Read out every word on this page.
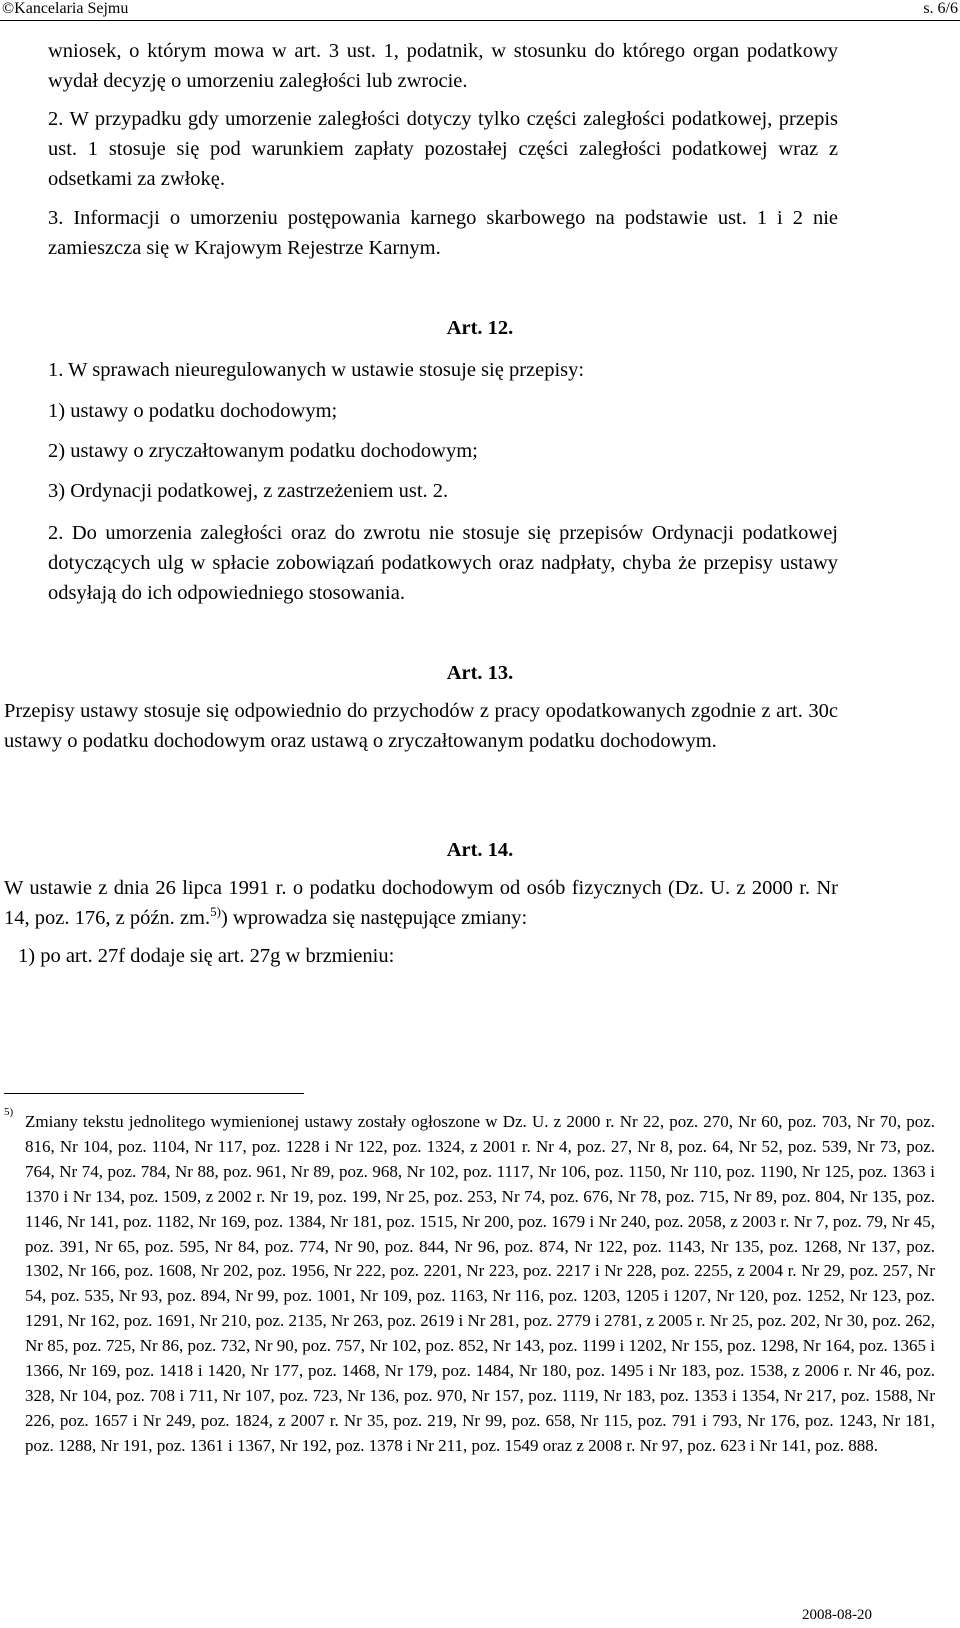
©Kancelaria Sejmu	s. 6/6
wniosek, o którym mowa w art. 3 ust. 1, podatnik, w stosunku do którego organ podatkowy wydał decyzję o umorzeniu zaległości lub zwrocie.
2. W przypadku gdy umorzenie zaległości dotyczy tylko części zaległości podatkowej, przepis ust. 1 stosuje się pod warunkiem zapłaty pozostałej części zaległości podatkowej wraz z odsetkami za zwłokę.
3. Informacji o umorzeniu postępowania karnego skarbowego na podstawie ust. 1 i 2 nie zamieszcza się w Krajowym Rejestrze Karnym.
Art. 12.
1. W sprawach nieuregulowanych w ustawie stosuje się przepisy:
1) ustawy o podatku dochodowym;
2) ustawy o zryczałtowanym podatku dochodowym;
3) Ordynacji podatkowej, z zastrzeżeniem ust. 2.
2. Do umorzenia zaległości oraz do zwrotu nie stosuje się przepisów Ordynacji podatkowej dotyczących ulg w spłacie zobowiązań podatkowych oraz nadpłaty, chyba że przepisy ustawy odsyłają do ich odpowiedniego stosowania.
Art. 13.
Przepisy ustawy stosuje się odpowiednio do przychodów z pracy opodatkowanych zgodnie z art. 30c ustawy o podatku dochodowym oraz ustawą o zryczałtowanym podatku dochodowym.
Art. 14.
W ustawie z dnia 26 lipca 1991 r. o podatku dochodowym od osób fizycznych (Dz. U. z 2000 r. Nr 14, poz. 176, z późn. zm.$^{5)}$) wprowadza się następujące zmiany:
1) po art. 27f dodaje się art. 27g w brzmieniu:
5) Zmiany tekstu jednolitego wymienionej ustawy zostały ogłoszone w Dz. U. z 2000 r. Nr 22, poz. 270, Nr 60, poz. 703, Nr 70, poz. 816, Nr 104, poz. 1104, Nr 117, poz. 1228 i Nr 122, poz. 1324, z 2001 r. Nr 4, poz. 27, Nr 8, poz. 64, Nr 52, poz. 539, Nr 73, poz. 764, Nr 74, poz. 784, Nr 88, poz. 961, Nr 89, poz. 968, Nr 102, poz. 1117, Nr 106, poz. 1150, Nr 110, poz. 1190, Nr 125, poz. 1363 i 1370 i Nr 134, poz. 1509, z 2002 r. Nr 19, poz. 199, Nr 25, poz. 253, Nr 74, poz. 676, Nr 78, poz. 715, Nr 89, poz. 804, Nr 135, poz. 1146, Nr 141, poz. 1182, Nr 169, poz. 1384, Nr 181, poz. 1515, Nr 200, poz. 1679 i Nr 240, poz. 2058, z 2003 r. Nr 7, poz. 79, Nr 45, poz. 391, Nr 65, poz. 595, Nr 84, poz. 774, Nr 90, poz. 844, Nr 96, poz. 874, Nr 122, poz. 1143, Nr 135, poz. 1268, Nr 137, poz. 1302, Nr 166, poz. 1608, Nr 202, poz. 1956, Nr 222, poz. 2201, Nr 223, poz. 2217 i Nr 228, poz. 2255, z 2004 r. Nr 29, poz. 257, Nr 54, poz. 535, Nr 93, poz. 894, Nr 99, poz. 1001, Nr 109, poz. 1163, Nr 116, poz. 1203, 1205 i 1207, Nr 120, poz. 1252, Nr 123, poz. 1291, Nr 162, poz. 1691, Nr 210, poz. 2135, Nr 263, poz. 2619 i Nr 281, poz. 2779 i 2781, z 2005 r. Nr 25, poz. 202, Nr 30, poz. 262, Nr 85, poz. 725, Nr 86, poz. 732, Nr 90, poz. 757, Nr 102, poz. 852, Nr 143, poz. 1199 i 1202, Nr 155, poz. 1298, Nr 164, poz. 1365 i 1366, Nr 169, poz. 1418 i 1420, Nr 177, poz. 1468, Nr 179, poz. 1484, Nr 180, poz. 1495 i Nr 183, poz. 1538, z 2006 r. Nr 46, poz. 328, Nr 104, poz. 708 i 711, Nr 107, poz. 723, Nr 136, poz. 970, Nr 157, poz. 1119, Nr 183, poz. 1353 i 1354, Nr 217, poz. 1588, Nr 226, poz. 1657 i Nr 249, poz. 1824, z 2007 r. Nr 35, poz. 219, Nr 99, poz. 658, Nr 115, poz. 791 i 793, Nr 176, poz. 1243, Nr 181, poz. 1288, Nr 191, poz. 1361 i 1367, Nr 192, poz. 1378 i Nr 211, poz. 1549 oraz z 2008 r. Nr 97, poz. 623 i Nr 141, poz. 888.
2008-08-20
